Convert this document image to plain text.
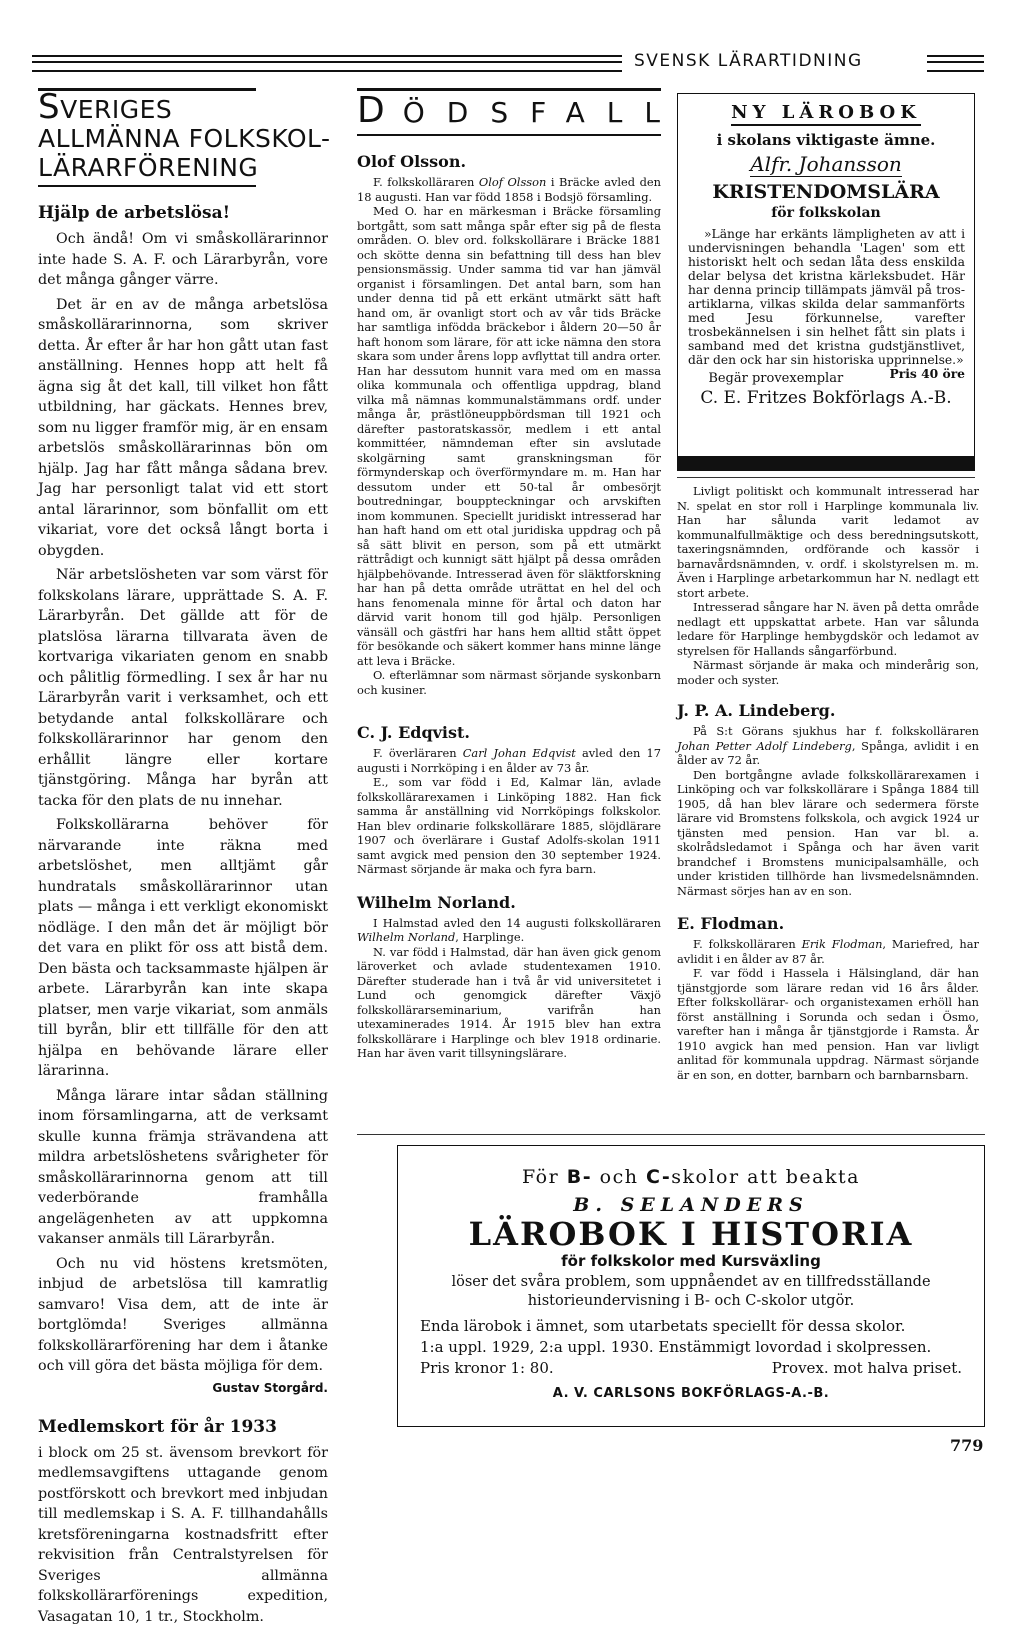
SVENSK LÄRARTIDNING
SVERIGES
ALLMÄNNA FOLKSKOL-
LÄRARFÖRENING
Hjälp de arbetslösa!

Och ändå! Om vi småskollärarinnor inte hade S. A. F. och Lärarbyrån, vore det många gånger värre.

Det är en av de många arbetslösa småskollärarinnorna, som skriver detta. År efter år har hon gått utan fast anställning. Hennes hopp att helt få ägna sig åt det kall, till vilket hon fått utbildning, har gäckats. Hennes brev, som nu ligger framför mig, är en ensam arbetslös småskollärarinnas bön om hjälp. Jag har fått många sådana brev. Jag har personligt talat vid ett stort antal lärarinnor, som bönfallit om ett vikariat, vore det också långt borta i obygden.

När arbetslösheten var som värst för folkskolans lärare, upprättade S. A. F. Lärarbyrån. Det gällde att för de platslösa lärarna tillvarata även de kortvariga vikariaten genom en snabb och pålitlig förmedling. I sex år har nu Lärarbyrån varit i verksamhet, och ett betydande antal folkskollärare och folkskollärarinnor har genom den erhållit längre eller kortare tjänstgöring. Många har byrån att tacka för den plats de nu innehar.

Folkskollärarna behöver för närvarande inte räkna med arbetslöshet, men alltjämt går hundratals småskollärarinnor utan plats — många i ett verkligt ekonomiskt nödläge. I den mån det är möjligt bör det vara en plikt för oss att bistå dem. Den bästa och tacksammaste hjälpen är arbete. Lärarbyrån kan inte skapa platser, men varje vikariat, som anmäls till byrån, blir ett tillfälle för den att hjälpa en behövande lärare eller lärarinna.

Många lärare intar sådan ställning inom församlingarna, att de verksamt skulle kunna främja strävandena att mildra arbetslöshetens svårigheter för småskollärarinnorna genom att till vederbörande framhålla angelägenheten av att uppkomna vakanser anmäls till Lärarbyrån.

Och nu vid höstens kretsmöten, inbjud de arbetslösa till kamratlig samvaro! Visa dem, att de inte är bortglömda! Sveriges allmänna folkskollärarförening har dem i åtanke och vill göra det bästa möjliga för dem.

Gustav Storgård.
Medlemskort för år 1933

i block om 25 st. ävensom brevkort för medlemsavgiftens uttagande genom postförskott och brevkort med inbjudan till medlemskap i S. A. F. tillhandahålls kretsföreningarna kostnadsfritt efter rekvisition från Centralstyrelsen för Sveriges allmänna folkskollärarförenings expedition, Vasagatan 10, 1 tr., Stockholm.

DÖDSFALL
Olof Olsson.

F. folkskolläraren Olof Olsson i Bräcke avled den 18 augusti. Han var född 1858 i Bodsjö församling.

Med O. har en märkesman i Bräcke församling bortgått, som satt många spår efter sig på de flesta områden. O. blev ord. folkskollärare i Bräcke 1881 och skötte denna sin befattning till dess han blev pensionsmässig. Under samma tid var han jämväl organist i församlingen. Det antal barn, som han under denna tid på ett erkänt utmärkt sätt haft hand om, är ovanligt stort och av vår tids Bräcke har samtliga infödda bräckebor i åldern 20—50 år haft honom som lärare, för att icke nämna den stora skara som under årens lopp avflyttat till andra orter. Han har dessutom hunnit vara med om en massa olika kommunala och offentliga uppdrag, bland vilka må nämnas kommunalstämmans ordf. under många år, prästlöneuppbördsman till 1921 och därefter pastoratskassör, medlem i ett antal kommittéer, nämndeman efter sin avslutade skolgärning samt granskningsman för förmynderskap och överförmyndare m. m. Han har dessutom under ett 50-tal år ombesörjt boutredningar, bouppteckningar och arvskiften inom kommunen. Speciellt juridiskt intresserad har han haft hand om ett otal juridiska uppdrag och på så sätt blivit en person, som på ett utmärkt rättrådigt och kunnigt sätt hjälpt på dessa områden hjälpbehövande. Intresserad även för släktforskning har han på detta område uträttat en hel del och hans fenomenala minne för årtal och daton har därvid varit honom till god hjälp. Personligen vänsäll och gästfri har hans hem alltid stått öppet för besökande och säkert kommer hans minne länge att leva i Bräcke.

O. efterlämnar som närmast sörjande syskonbarn och kusiner.

C. J. Edqvist.

F. överläraren Carl Johan Edqvist avled den 17 augusti i Norrköping i en ålder av 73 år.

E., som var född i Ed, Kalmar län, avlade folkskollärarexamen i Linköping 1882. Han fick samma år anställning vid Norrköpings folkskolor. Han blev ordinarie folkskollärare 1885, slöjdlärare 1907 och överlärare i Gustaf Adolfs-skolan 1911 samt avgick med pension den 30 september 1924. Närmast sörjande är maka och fyra barn.

Wilhelm Norland.

I Halmstad avled den 14 augusti folkskolläraren Wilhelm Norland, Harplinge.

N. var född i Halmstad, där han även gick genom läroverket och avlade studentexamen 1910. Därefter studerade han i två år vid universitetet i Lund och genomgick därefter Växjö folkskollärarseminarium, varifrån han utexaminerades 1914. År 1915 blev han extra folkskollärare i Harplinge och blev 1918 ordinarie. Han har även varit tillsyningslärare.

NY LÄROBOK
i skolans viktigaste ämne.
Alfr. Johansson
KRISTENDOMSLÄRA
för folkskolan
»Länge har erkänts lämpligheten av att i undervisningen behandla 'Lagen' som ett historiskt helt och sedan låta dess enskilda delar belysa det kristna kärleksbudet. Här har denna princip tillämpats jämväl på tros-artiklarna, vilkas skilda delar sammanförts med Jesu förkunnelse, varefter trosbekännelsen i sin helhet fått sin plats i samband med det kristna gudstjänstlivet, där den ock har sin historiska upprinnelse.»
Pris 40 öre
Begär provexemplar
C. E. Fritzes Bokförlags A.-B.

Livligt politiskt och kommunalt intresserad har N. spelat en stor roll i Harplinge kommunala liv. Han har sålunda varit ledamot av kommunalfullmäktige och dess beredningsutskott, taxeringsnämnden, ordförande och kassör i barnavårdsnämnden, v. ordf. i skolstyrelsen m. m. Även i Harplinge arbetarkommun har N. nedlagt ett stort arbete.

Intresserad sångare har N. även på detta område nedlagt ett uppskattat arbete. Han var sålunda ledare för Harplinge hembygdskör och ledamot av styrelsen för Hallands sångarförbund.

Närmast sörjande är maka och minderårig son, moder och syster.

J. P. A. Lindeberg.

På S:t Görans sjukhus har f. folkskolläraren Johan Petter Adolf Lindeberg, Spånga, avlidit i en ålder av 72 år.

Den bortgångne avlade folkskollärarexamen i Linköping och var folkskollärare i Spånga 1884 till 1905, då han blev lärare och sedermera förste lärare vid Bromstens folkskola, och avgick 1924 ur tjänsten med pension. Han var bl. a. skolrådsledamot i Spånga och har även varit brandchef i Bromstens municipalsamhälle, och under kristiden tillhörde han livsmedelsnämnden. Närmast sörjes han av en son.

E. Flodman.

F. folkskolläraren Erik Flodman, Mariefred, har avlidit i en ålder av 87 år.

F. var född i Hassela i Hälsingland, där han tjänstgjorde som lärare redan vid 16 års ålder. Efter folkskollärar- och organistexamen erhöll han först anställning i Sorunda och sedan i Ösmo, varefter han i många år tjänstgjorde i Ramsta. År 1910 avgick han med pension. Han var livligt anlitad för kommunala uppdrag. Närmast sörjande är en son, en dotter, barnbarn och barnbarnsbarn.

För B- och C-skolor att beakta
B. SELANDERS
LÄROBOK I HISTORIA
för folkskolor med Kursväxling
löser det svåra problem, som uppnåendet av en tillfredsställande historieundervisning i B- och C-skolor utgör.
Enda lärobok i ämnet, som utarbetats speciellt för dessa skolor.
1:a uppl. 1929, 2:a uppl. 1930. Enstämmigt lovordad i skolpressen.
Pris kronor 1: 80.	Provex. mot halva priset.
A. V. CARLSONS BOKFÖRLAGS-A.-B.
779
